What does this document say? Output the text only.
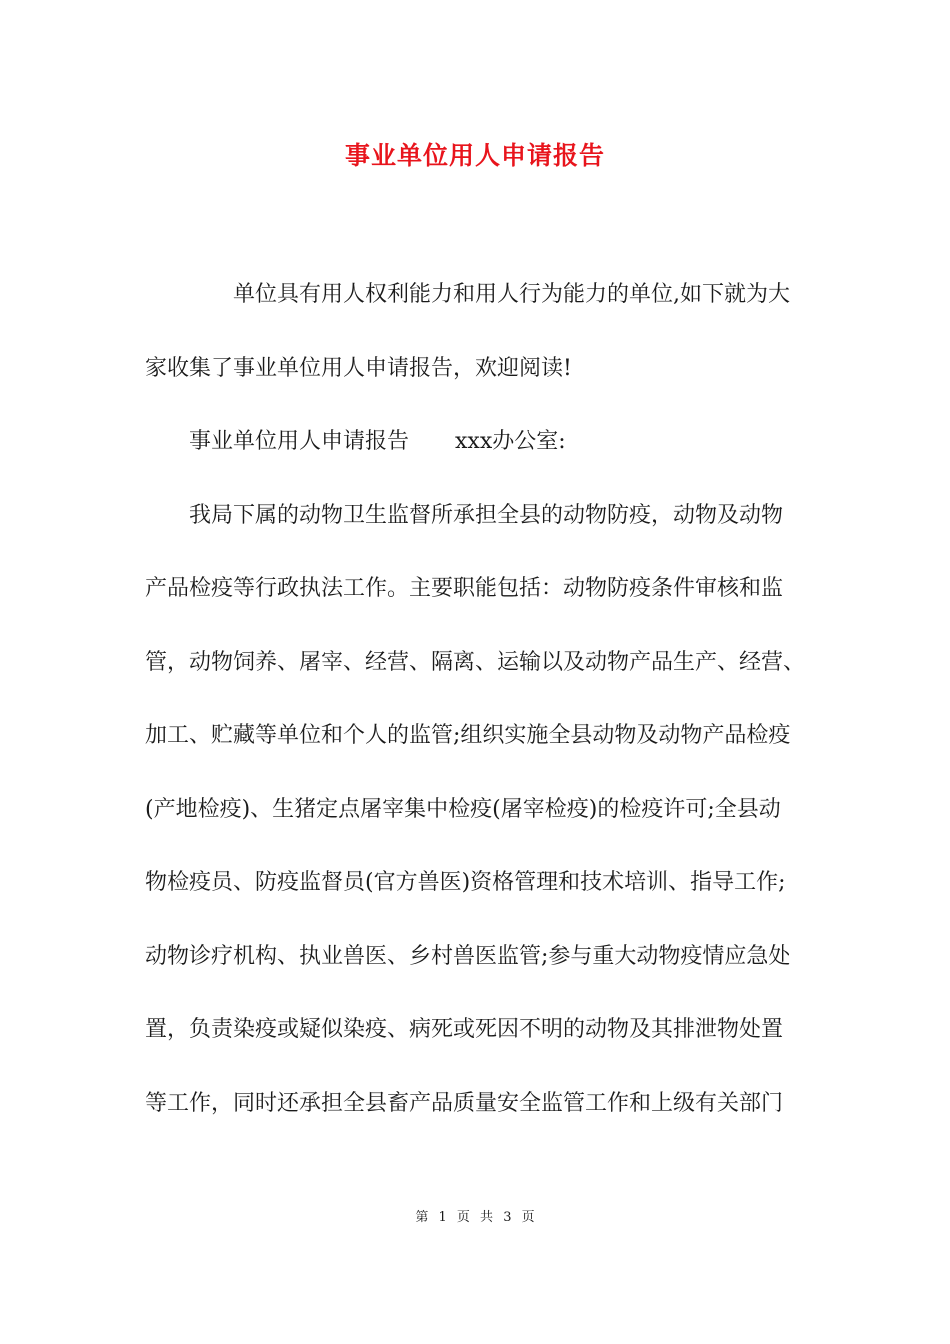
事业单位用人申请报告
单位具有用人权利能力和用人行为能力的单位,如下就为大
家收集了事业单位用人申请报告，欢迎阅读!
事业单位用人申请报告 xxx办公室:
我局下属的动物卫生监督所承担全县的动物防疫，动物及动物
产品检疫等行政执法工作。主要职能包括：动物防疫条件审核和监
管，动物饲养、屠宰、经营、隔离、运输以及动物产品生产、经营、
加工、贮藏等单位和个人的监管;组织实施全县动物及动物产品检疫
(产地检疫)、生猪定点屠宰集中检疫(屠宰检疫)的检疫许可;全县动
物检疫员、防疫监督员(官方兽医)资格管理和技术培训、指导工作;
动物诊疗机构、执业兽医、乡村兽医监管;参与重大动物疫情应急处
置，负责染疫或疑似染疫、病死或死因不明的动物及其排泄物处置
等工作，同时还承担全县畜产品质量安全监管工作和上级有关部门
第 1 页 共 3 页
